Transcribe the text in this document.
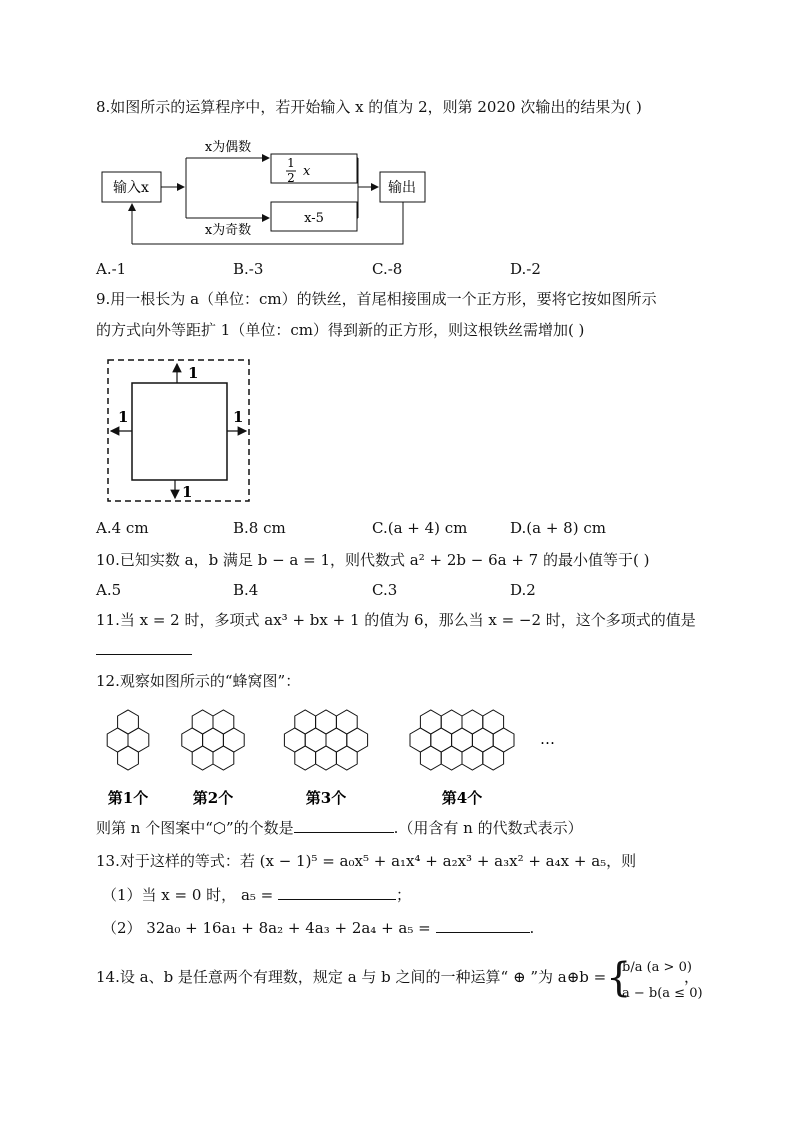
8.如图所示的运算程序中，若开始输入 x 的值为 2，则第 2020 次输出的结果为( )
输入x
x为偶数
x为奇数
1
2 x
x-5
输出
A.-1	B.-3	C.-8	D.-2
9.用一根长为 a（单位：cm）的铁丝，首尾相接围成一个正方形，要将它按如图所示
的方式向外等距扩 1（单位：cm）得到新的正方形，则这根铁丝需增加( )
1
1	1
1
A.4 cm	B.8 cm	C.(a + 4) cm	D.(a + 8) cm
10.已知实数 a，b 满足 b − a = 1，则代数式 a² + 2b − 6a + 7 的最小值等于( )
A.5	B.4	C.3	D.2
11.当 x = 2 时，多项式 ax³ + bx + 1 的值为 6，那么当 x = −2 时，这个多项式的值是
12.观察如图所示的“蜂窝图”：
第1个	第2个	第3个	第4个
…
则第 n 个图案中“⬡”的个数是	.（用含有 n 的代数式表示）
13.对于这样的等式：若 (x − 1)⁵ = a₀x⁵ + a₁x⁴ + a₂x³ + a₃x² + a₄x + a₅，则
（1）当 x = 0 时， a₅ =	；
（2） 32a₀ + 16a₁ + 8a₂ + 4a₃ + 2a₄ + a₅ =	.
14.设 a、b 是任意两个有理数，规定 a 与 b 之间的一种运算“ ⊕ ”为 a⊕b = {
b/a (a > 0)
a − b(a ≤ 0)
，
